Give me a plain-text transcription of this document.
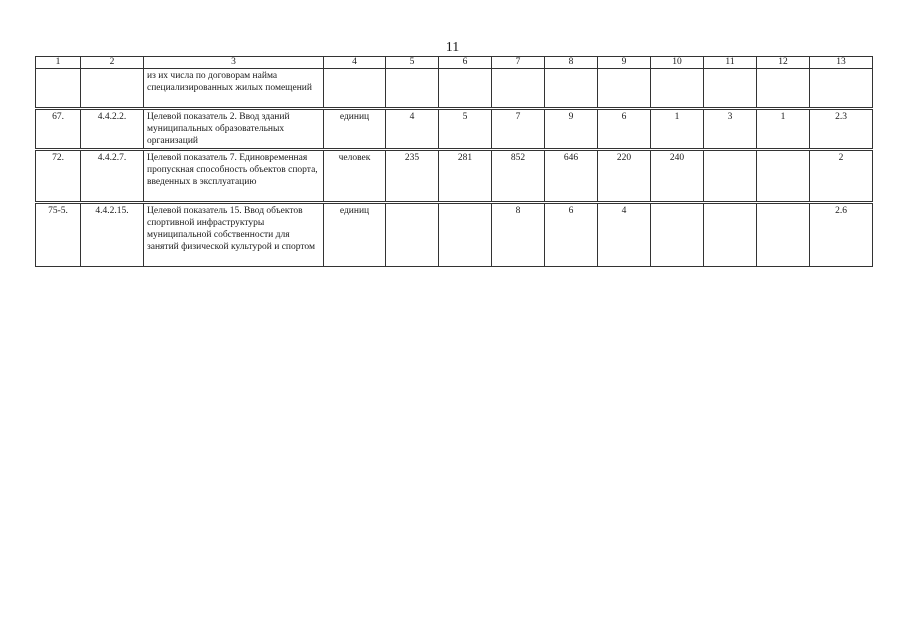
11
1	2	3	4	5	6	7	8	9	10	11	12	13
		из их числа по договорам найма специализированных жилых помещений										

67.	4.4.2.2.	Целевой показатель 2. Ввод зданий муниципальных образовательных организаций	единиц	4	5	7	9	6	1	3	1	2.3

72.	4.4.2.7.	Целевой показатель 7. Единовременная пропускная способность объектов спорта, введенных в эксплуатацию	человек	235	281	852	646	220	240			2

75-5.	4.4.2.15.	Целевой показатель 15. Ввод объектов спортивной инфраструктуры муниципальной собственности для занятий физической культурой и спортом	единиц			8	6	4				2.6
